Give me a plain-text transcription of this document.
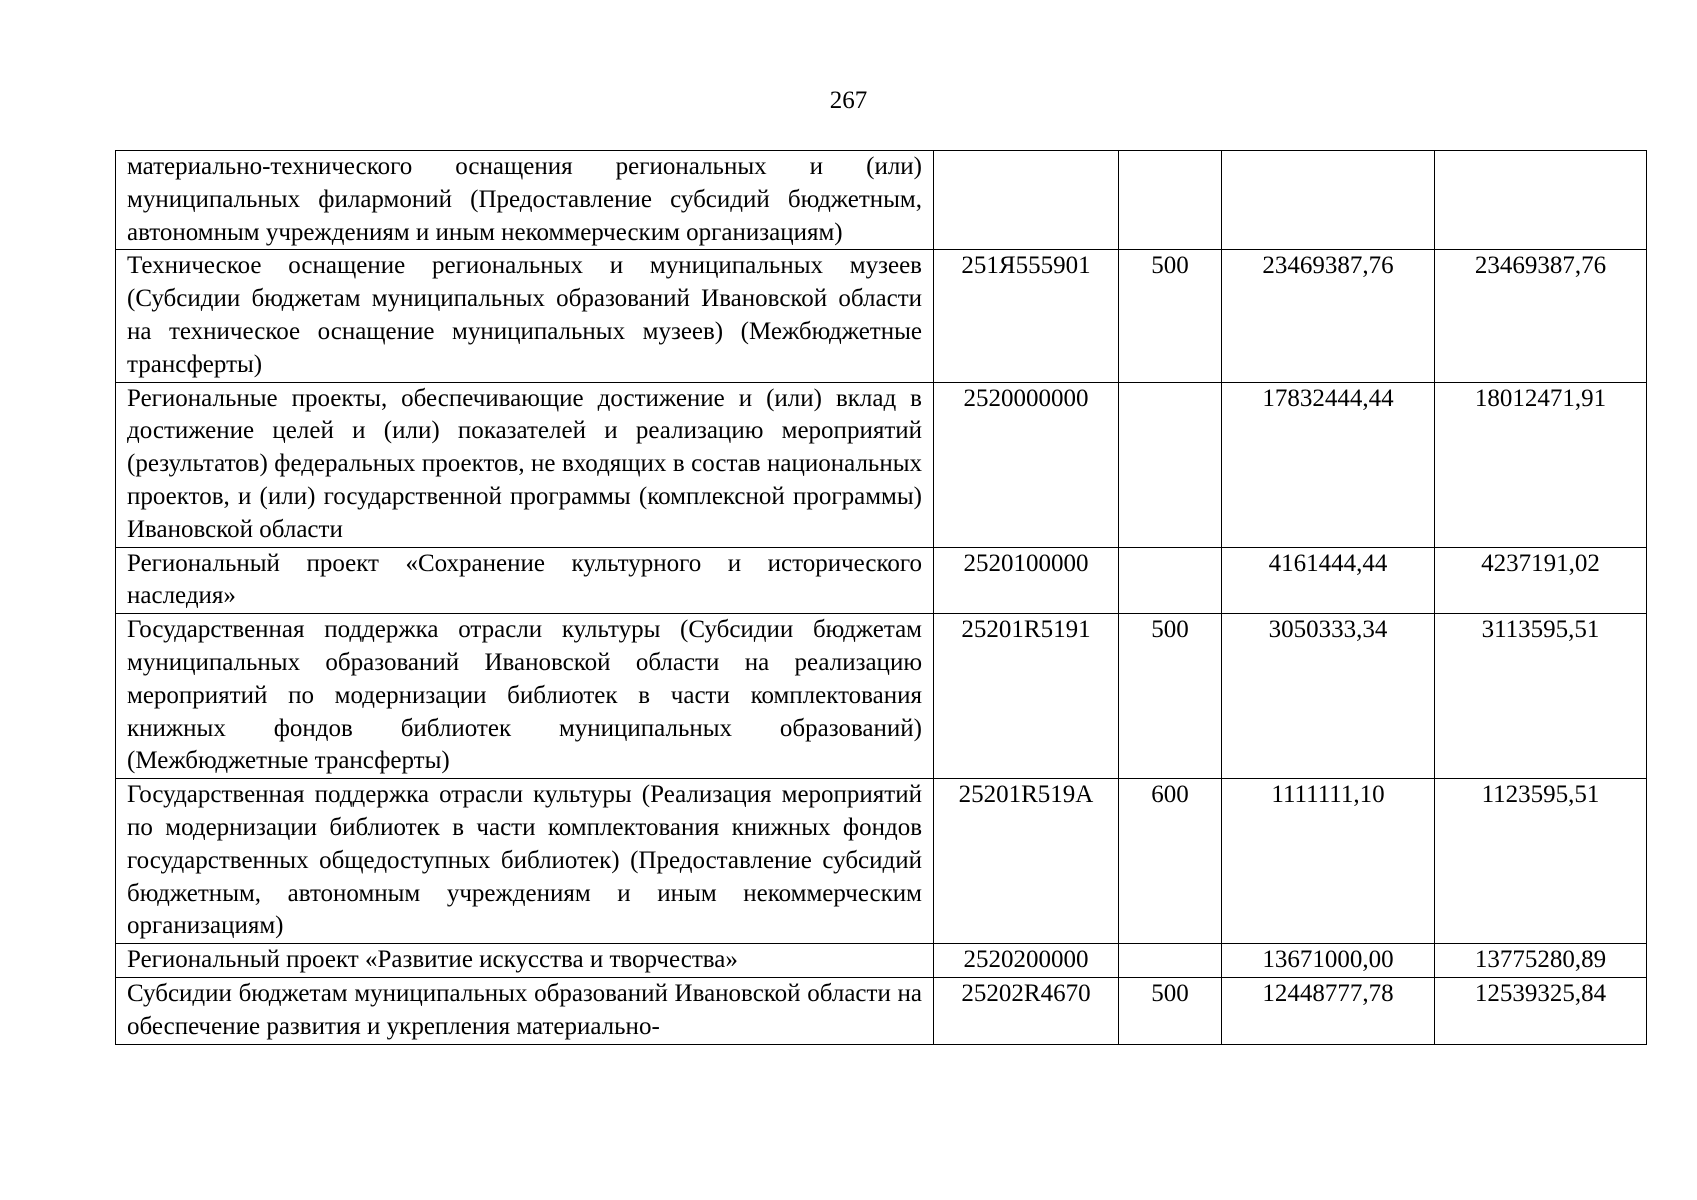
267
материально-технического оснащения региональных и (или) муниципальных филармоний (Предоставление субсидий бюджетным, автономным учреждениям и иным некоммерческим организациям)				
Техническое оснащение региональных и муниципальных музеев (Субсидии бюджетам муниципальных образований Ивановской области на техническое оснащение муниципальных музеев) (Межбюджетные трансферты)	251Я555901	500	23469387,76	23469387,76
Региональные проекты, обеспечивающие достижение и (или) вклад в достижение целей и (или) показателей и реализацию мероприятий (результатов) федеральных проектов, не входящих в состав национальных проектов, и (или) государственной программы (комплексной программы) Ивановской области	2520000000		17832444,44	18012471,91
Региональный проект «Сохранение культурного и исторического наследия»	2520100000		4161444,44	4237191,02
Государственная поддержка отрасли культуры (Субсидии бюджетам муниципальных образований Ивановской области на реализацию мероприятий по модернизации библиотек в части комплектования книжных фондов библиотек муниципальных образований) (Межбюджетные трансферты)	25201R5191	500	3050333,34	3113595,51
Государственная поддержка отрасли культуры (Реализация мероприятий по модернизации библиотек в части комплектования книжных фондов государственных общедоступных библиотек) (Предоставление субсидий бюджетным, автономным учреждениям и иным некоммерческим организациям)	25201R519А	600	1111111,10	1123595,51
Региональный проект «Развитие искусства и творчества»	2520200000		13671000,00	13775280,89
Субсидии бюджетам муниципальных образований Ивановской области на обеспечение развития и укрепления материально-	25202R4670	500	12448777,78	12539325,84
